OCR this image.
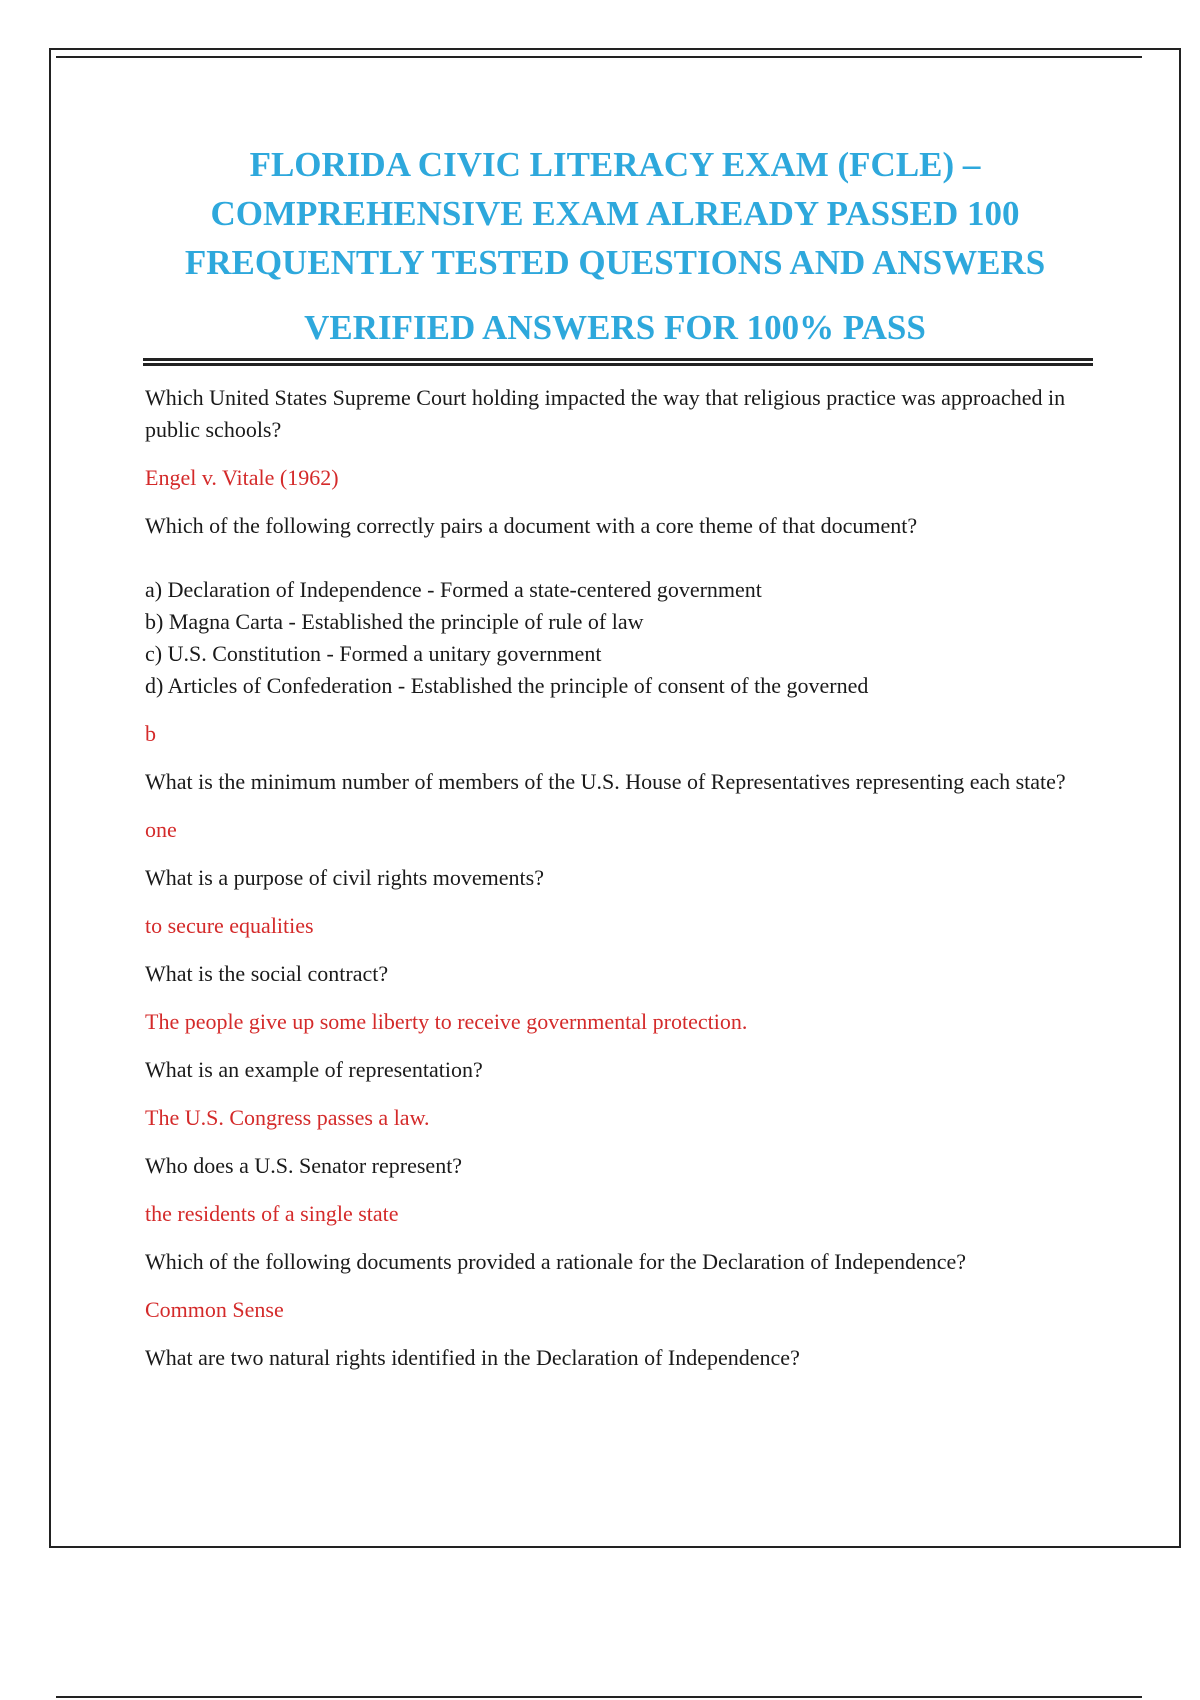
FLORIDA CIVIC LITERACY EXAM (FCLE) –
COMPREHENSIVE EXAM ALREADY PASSED 100
FREQUENTLY TESTED QUESTIONS AND ANSWERS
VERIFIED ANSWERS FOR 100% PASS

Which United States Supreme Court holding impacted the way that religious practice was approached in public schools?

Engel v. Vitale (1962)

Which of the following correctly pairs a document with a core theme of that document?

a) Declaration of Independence - Formed a state-centered government
b) Magna Carta - Established the principle of rule of law
c) U.S. Constitution - Formed a unitary government
d) Articles of Confederation - Established the principle of consent of the governed

b

What is the minimum number of members of the U.S. House of Representatives representing each state?

one

What is a purpose of civil rights movements?

to secure equalities

What is the social contract?

The people give up some liberty to receive governmental protection.

What is an example of representation?

The U.S. Congress passes a law.

Who does a U.S. Senator represent?

the residents of a single state

Which of the following documents provided a rationale for the Declaration of Independence?

Common Sense

What are two natural rights identified in the Declaration of Independence?
